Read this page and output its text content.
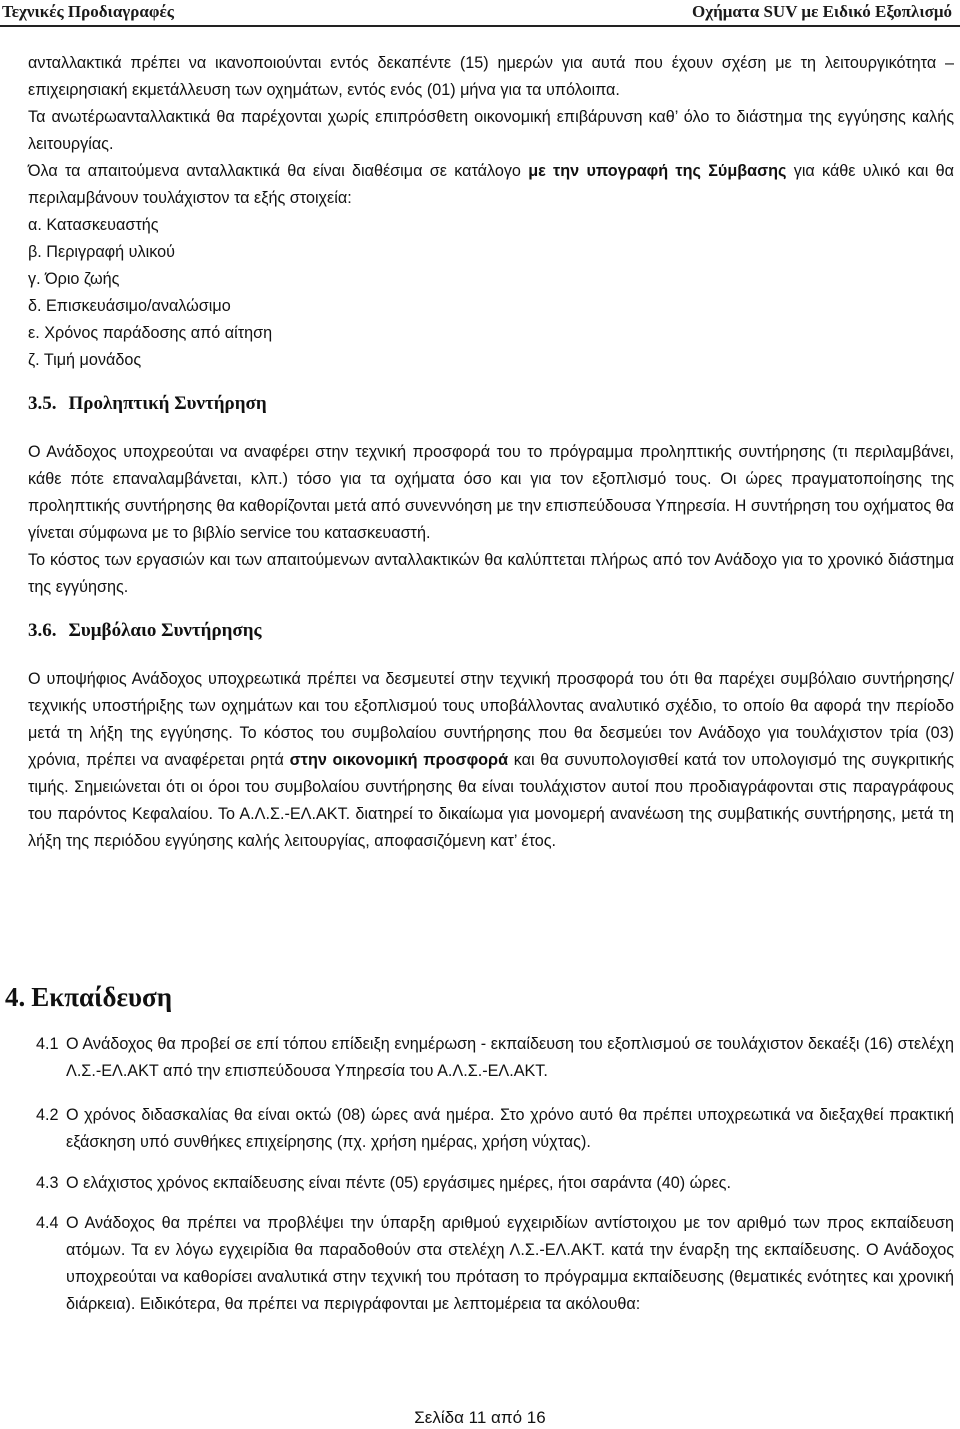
Τεχνικές Προδιαγραφές	Οχήματα SUV με Ειδικό Εξοπλισμό

ανταλλακτικά πρέπει να ικανοποιούνται εντός δεκαπέντε (15) ημερών για αυτά που έχουν σχέση με τη λειτουργικότητα – επιχειρησιακή εκμετάλλευση των οχημάτων, εντός ενός (01) μήνα για τα υπόλοιπα.

Τα ανωτέρωανταλλακτικά θα παρέχονται χωρίς επιπρόσθετη οικονομική επιβάρυνση καθ’ όλο το διάστημα της εγγύησης καλής λειτουργίας.

Όλα τα απαιτούμενα ανταλλακτικά θα είναι διαθέσιμα σε κατάλογο με την υπογραφή της Σύμβασης για κάθε υλικό και θα περιλαμβάνουν τουλάχιστον τα εξής στοιχεία:

α. Κατασκευαστής

β. Περιγραφή υλικού

γ. Όριο ζωής

δ. Επισκευάσιμο/αναλώσιμο

ε. Χρόνος παράδοσης από αίτηση

ζ. Τιμή μονάδος

3.5. Προληπτική Συντήρηση

Ο Ανάδοχος υποχρεούται να αναφέρει στην τεχνική προσφορά του το πρόγραμμα προληπτικής συντήρησης (τι περιλαμβάνει, κάθε πότε επαναλαμβάνεται, κλπ.) τόσο για τα οχήματα όσο και για τον εξοπλισμό τους. Οι ώρες πραγματοποίησης της προληπτικής συντήρησης θα καθορίζονται μετά από συνεννόηση με την επισπεύδουσα Υπηρεσία. Η συντήρηση του οχήματος θα γίνεται σύμφωνα με το βιβλίο service του κατασκευαστή.

Το κόστος των εργασιών και των απαιτούμενων ανταλλακτικών θα καλύπτεται πλήρως από τον Ανάδοχο για το χρονικό διάστημα της εγγύησης.

3.6. Συμβόλαιο Συντήρησης

Ο υποψήφιος Ανάδοχος υποχρεωτικά πρέπει να δεσμευτεί στην τεχνική προσφορά του ότι θα παρέχει συμβόλαιο συντήρησης/τεχνικής υποστήριξης των οχημάτων και του εξοπλισμού τους υποβάλλοντας αναλυτικό σχέδιο, το οποίο θα αφορά την περίοδο μετά τη λήξη της εγγύησης. Το κόστος του συμβολαίου συντήρησης που θα δεσμεύει τον Ανάδοχο για τουλάχιστον τρία (03) χρόνια, πρέπει να αναφέρεται ρητά στην οικονομική προσφορά και θα συνυπολογισθεί κατά τον υπολογισμό της συγκριτικής τιμής. Σημειώνεται ότι οι όροι του συμβολαίου συντήρησης θα είναι τουλάχιστον αυτοί που προδιαγράφονται στις παραγράφους του παρόντος Κεφαλαίου. Το Α.Λ.Σ.-ΕΛ.ΑΚΤ. διατηρεί το δικαίωμα για μονομερή ανανέωση της συμβατικής συντήρησης, μετά τη λήξη της περιόδου εγγύησης καλής λειτουργίας, αποφασιζόμενη κατ’ έτος.

4. Εκπαίδευση

4.1 Ο Ανάδοχος θα προβεί σε επί τόπου επίδειξη ενημέρωση - εκπαίδευση του εξοπλισμού σε τουλάχιστον δεκαέξι (16) στελέχη Λ.Σ.-ΕΛ.ΑΚΤ από την επισπεύδουσα Υπηρεσία του Α.Λ.Σ.-ΕΛ.ΑΚΤ.
4.2 Ο χρόνος διδασκαλίας θα είναι οκτώ (08) ώρες ανά ημέρα. Στο χρόνο αυτό θα πρέπει υποχρεωτικά να διεξαχθεί πρακτική εξάσκηση υπό συνθήκες επιχείρησης (πχ. χρήση ημέρας, χρήση νύχτας).
4.3 Ο ελάχιστος χρόνος εκπαίδευσης είναι πέντε (05) εργάσιμες ημέρες, ήτοι σαράντα (40) ώρες.
4.4 Ο Ανάδοχος θα πρέπει να προβλέψει την ύπαρξη αριθμού εγχειριδίων αντίστοιχου με τον αριθμό των προς εκπαίδευση ατόμων. Τα εν λόγω εγχειρίδια θα παραδοθούν στα στελέχη Λ.Σ.-ΕΛ.ΑΚΤ. κατά την έναρξη της εκπαίδευσης. Ο Ανάδοχος υποχρεούται να καθορίσει αναλυτικά στην τεχνική του πρόταση το πρόγραμμα εκπαίδευσης (θεματικές ενότητες και χρονική διάρκεια). Ειδικότερα, θα πρέπει να περιγράφονται με λεπτομέρεια τα ακόλουθα:
Σελίδα 11 από 16
